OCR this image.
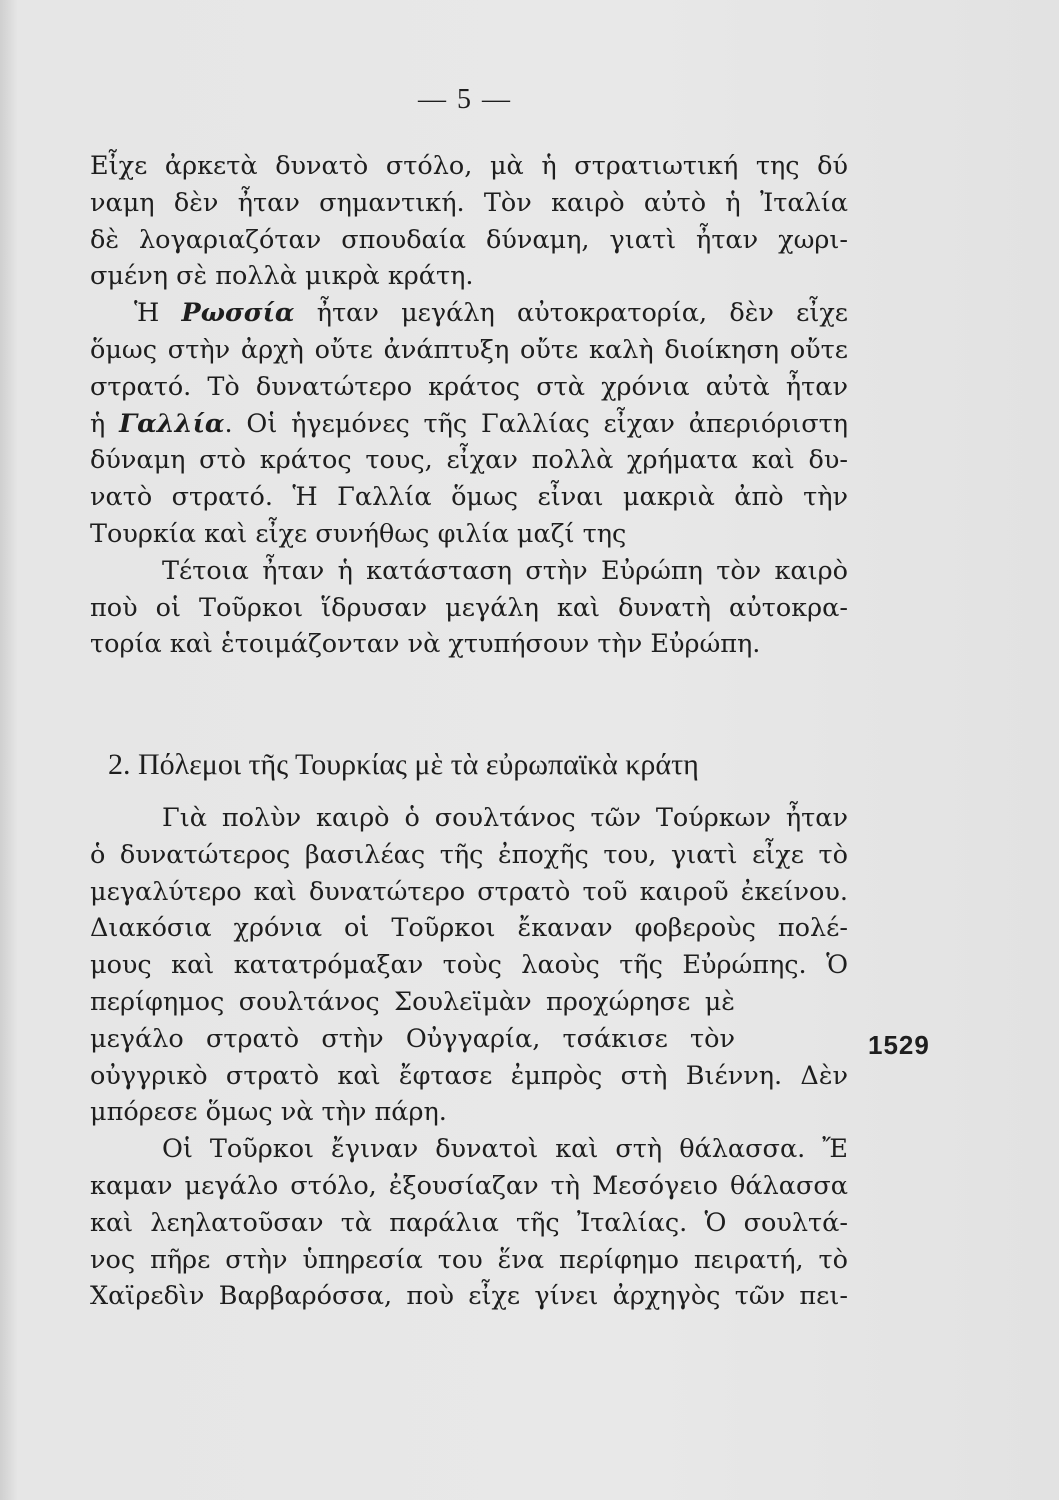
— 5 —
Εἶχε ἀρκετὰ δυνατὸ στόλο, μὰ ἡ στρατιωτική της δύ
ναμη δὲν ἦταν σημαντική. Τὸν καιρὸ αὐτὸ ἡ Ἰταλία
δὲ λογαριαζόταν σπουδαία δύναμη, γιατὶ ἦταν χωρι-
σμένη σὲ πολλὰ μικρὰ κράτη.
Ἡ Ρωσσία ἦταν μεγάλη αὐτοκρατορία, δὲν εἶχε
ὅμως στὴν ἀρχὴ οὔτε ἀνάπτυξη οὔτε καλὴ διοίκηση οὔτε
στρατό. Τὸ δυνατώτερο κράτος στὰ χρόνια αὐτὰ ἦταν
ἡ Γαλλία. Οἱ ἡγεμόνες τῆς Γαλλίας εἶχαν ἀπεριόριστη
δύναμη στὸ κράτος τους, εἶχαν πολλὰ χρήματα καὶ δυ-
νατὸ στρατό. Ἡ Γαλλία ὅμως εἶναι μακριὰ ἀπὸ τὴν
Τουρκία καὶ εἶχε συνήθως φιλία μαζί της
Τέτοια ἦταν ἡ κατάσταση στὴν Εὐρώπη τὸν καιρὸ
ποὺ οἱ Τοῦρκοι ἵδρυσαν μεγάλη καὶ δυνατὴ αὐτοκρα-
τορία καὶ ἑτοιμάζονταν νὰ χτυπήσουν τὴν Εὐρώπη.
2. Πόλεμοι τῆς Τουρκίας μὲ τὰ εὐρωπαϊκὰ κράτη
Γιὰ πολὺν καιρὸ ὁ σουλτάνος τῶν Τούρκων ἦταν
ὁ δυνατώτερος βασιλέας τῆς ἐποχῆς του, γιατὶ εἶχε τὸ
μεγαλύτερο καὶ δυνατώτερο στρατὸ τοῦ καιροῦ ἐκείνου.
Διακόσια χρόνια οἱ Τοῦρκοι ἔκαναν φοβεροὺς πολέ-
μους καὶ κατατρόμαξαν τοὺς λαοὺς τῆς Εὐρώπης. Ὁ
περίφημος σουλτάνος Σουλεϊμὰν προχώρησε μὲ
μεγάλο στρατὸ στὴν Οὐγγαρία, τσάκισε τὸν
οὐγγρικὸ στρατὸ καὶ ἔφτασε ἐμπρὸς στὴ Βιέννη. Δὲν
μπόρεσε ὅμως νὰ τὴν πάρη.
Οἱ Τοῦρκοι ἔγιναν δυνατοὶ καὶ στὴ θάλασσα. Ἔ
καμαν μεγάλο στόλο, ἐξουσίαζαν τὴ Μεσόγειο θάλασσα
καὶ λεηλατοῦσαν τὰ παράλια τῆς Ἰταλίας. Ὁ σουλτά-
νος πῆρε στὴν ὑπηρεσία του ἕνα περίφημο πειρατή, τὸ
Χαϊρεδὶν Βαρβαρόσσα, ποὺ εἶχε γίνει ἀρχηγὸς τῶν πει-
1529
